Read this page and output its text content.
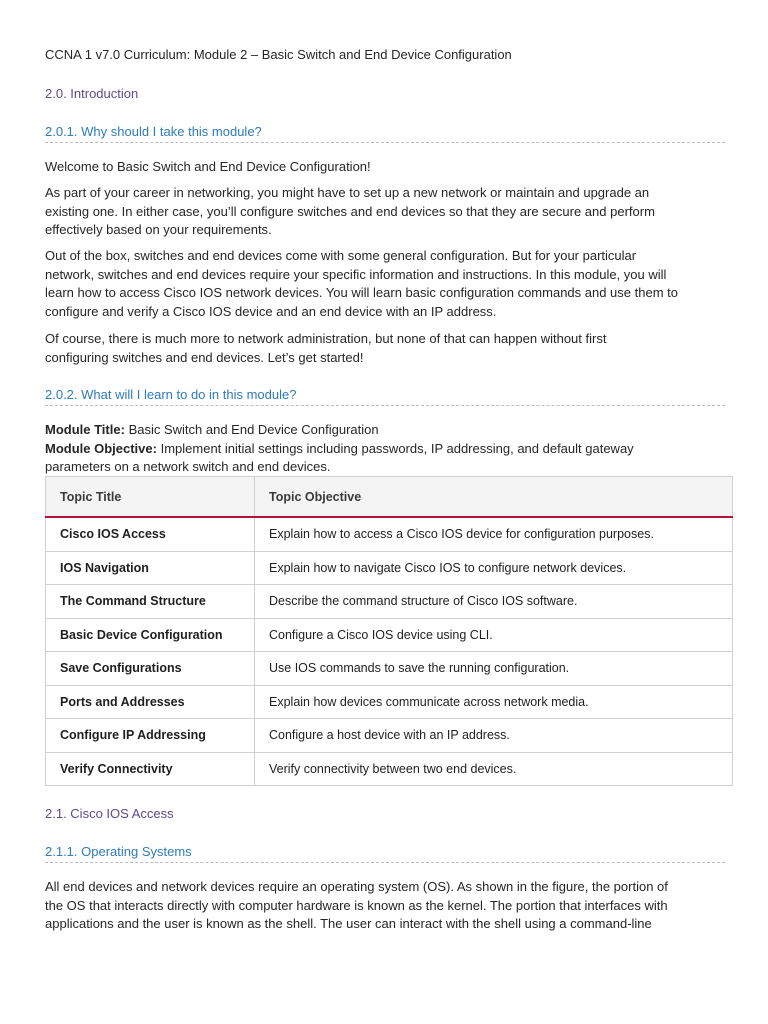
CCNA 1 v7.0 Curriculum: Module 2 – Basic Switch and End Device Configuration
2.0. Introduction
2.0.1. Why should I take this module?
Welcome to Basic Switch and End Device Configuration!
As part of your career in networking, you might have to set up a new network or maintain and upgrade an
existing one. In either case, you’ll configure switches and end devices so that they are secure and perform
effectively based on your requirements.
Out of the box, switches and end devices come with some general configuration. But for your particular
network, switches and end devices require your specific information and instructions. In this module, you will
learn how to access Cisco IOS network devices. You will learn basic configuration commands and use them to
configure and verify a Cisco IOS device and an end device with an IP address.
Of course, there is much more to network administration, but none of that can happen without first
configuring switches and end devices. Let’s get started!
2.0.2. What will I learn to do in this module?
Module Title: Basic Switch and End Device Configuration
Module Objective: Implement initial settings including passwords, IP addressing, and default gateway
parameters on a network switch and end devices.
Topic Title	Topic Objective
Cisco IOS Access	Explain how to access a Cisco IOS device for configuration purposes.
IOS Navigation	Explain how to navigate Cisco IOS to configure network devices.
The Command Structure	Describe the command structure of Cisco IOS software.
Basic Device Configuration	Configure a Cisco IOS device using CLI.
Save Configurations	Use IOS commands to save the running configuration.
Ports and Addresses	Explain how devices communicate across network media.
Configure IP Addressing	Configure a host device with an IP address.
Verify Connectivity	Verify connectivity between two end devices.
2.1. Cisco IOS Access
2.1.1. Operating Systems
All end devices and network devices require an operating system (OS). As shown in the figure, the portion of
the OS that interacts directly with computer hardware is known as the kernel. The portion that interfaces with
applications and the user is known as the shell. The user can interact with the shell using a command-line
